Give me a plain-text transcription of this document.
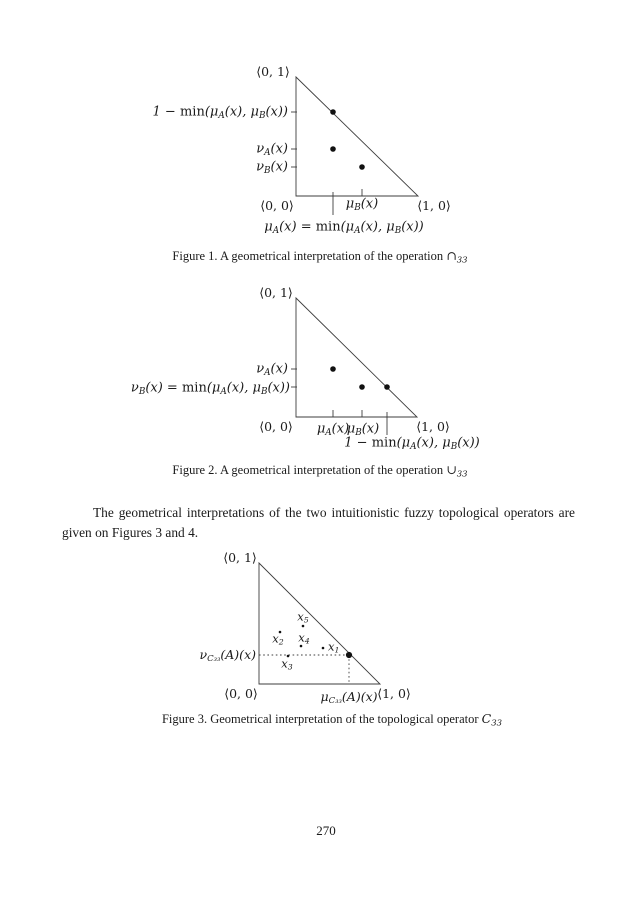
⟨0, 1⟩
$1 - \min(\mu_A(x)$, $\mu_B(x)$)
$\nu_A(x)$
$\nu_B(x)$
⟨0, 0⟩	$\mu_B(x)$	⟨1, 0⟩
$\mu_A(x) = \min(\mu_A(x)$, $\mu_B(x)$)
Figure 1. A geometrical interpretation of the operation $\cap_{33}$
⟨0, 1⟩
$\nu_A(x)$
$\nu_B(x) = \min(\mu_A(x)$, $\mu_B(x)$)
⟨0, 0⟩ $\mu_A(x)$
$\mu_B(x)$	⟨1, 0⟩
$1 - \min(\mu_A(x)$, $\mu_B(x)$)
Figure 2. A geometrical interpretation of the operation $\cup_{33}$

The geometrical interpretations of the two intuitionistic fuzzy topological operators are given on Figures 3 and 4.

⟨0, 1⟩
$\nu_{C_{33}}(A)(x)$
$x_5$
$x_2$ $x_4$ $x_1$
$x_3$
⟨0, 0⟩	$\mu_{C_{33}}(A)(x)$ ⟨1, 0⟩
Figure 3. Geometrical interpretation of the topological operator $C_{33}$
270
